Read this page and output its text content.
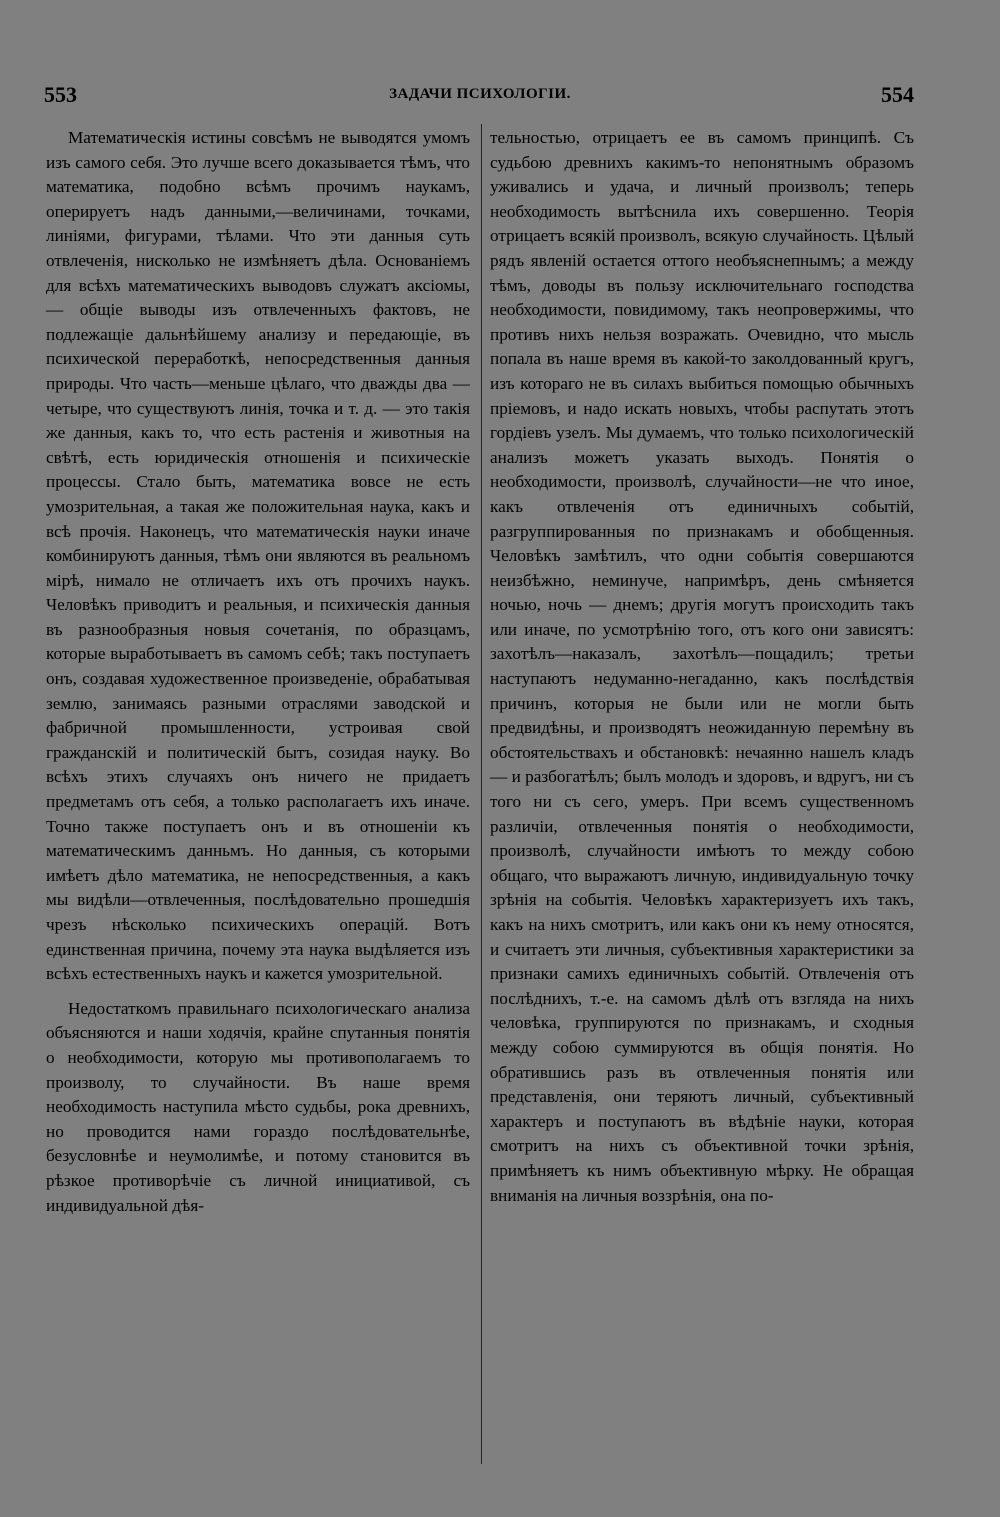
553	ЗАДАЧИ ПСИХОЛОГІИ.	554

Математическія истины совсѣмъ не выводятся умомъ изъ самого себя. Это лучше всего доказывается тѣмъ, что математика, подобно всѣмъ прочимъ наукамъ, оперируетъ надъ данными,—величинами, точками, линіями, фигурами, тѣлами. Что эти данныя суть отвлеченія, нисколько не измѣняетъ дѣла. Основаніемъ для всѣхъ математическихъ выводовъ служатъ аксіомы, — общіе выводы изъ отвлеченныхъ фактовъ, не подлежащіе дальнѣйшему анализу и передающіе, въ психической переработкѣ, непосредственныя данныя природы. Что часть—меньше цѣлаго, что дважды два — четыре, что существуютъ линія, точка и т. д. — это такія же данныя, какъ то, что есть растенія и животныя на свѣтѣ, есть юридическія отношенія и психическіе процессы. Стало быть, математика вовсе не есть умозрительная, а такая же положительная наука, какъ и всѣ прочія. Наконецъ, что математическія науки иначе комбинируютъ данныя, тѣмъ они являются въ реальномъ мірѣ, нимало не отличаетъ ихъ отъ прочихъ наукъ. Человѣкъ приводитъ и реальныя, и психическія данныя въ разнообразныя новыя сочетанія, по образцамъ, которые выработываетъ въ самомъ себѣ; такъ поступаетъ онъ, создавая художественное произведеніе, обрабатывая землю, занимаясь разными отраслями заводской и фабричной промышленности, устроивая свой гражданскій и политическій бытъ, созидая науку. Во всѣхъ этихъ случаяхъ онъ ничего не придаетъ предметамъ отъ себя, а только располагаетъ ихъ иначе. Точно также поступаетъ онъ и въ отношеніи къ математическимъ данньмъ. Но данныя, съ которыми имѣетъ дѣло математика, не непосредственныя, а какъ мы видѣли—отвлеченныя, послѣдовательно прошедшія чрезъ нѣсколько психическихъ операцій. Вотъ единственная причина, почему эта наука выдѣляется изъ всѣхъ естественныхъ наукъ и кажется умозрительной.

Недостаткомъ правильнаго психологическаго анализа объясняются и наши ходячія, крайне спутанныя понятія о необходимости, которую мы противополагаемъ то произволу, то случайности. Въ наше время необходимость наступила мѣсто судьбы, рока древнихъ, но проводится нами гораздо послѣдовательнѣе, безусловнѣе и неумолимѣе, и потому становится въ рѣзкое противорѣчіе съ личной инициативой, съ индивидуальной дѣя-

тельностью, отрицаетъ ее въ самомъ принципѣ. Съ судьбою древнихъ какимъ-то непонятнымъ образомъ уживались и удача, и личный произволъ; теперь необходимость вытѣснила ихъ совершенно. Теорія отрицаетъ всякій произволъ, всякую случайность. Цѣлый рядъ явленій остается оттого необъяснепнымъ; а между тѣмъ, доводы въ пользу исключительнаго господства необходимости, повидимому, такъ неопровержимы, что противъ нихъ нельзя возражать. Очевидно, что мысль попала въ наше время въ какой-то заколдованный кругъ, изъ котораго не въ силахъ выбиться помощью обычныхъ пріемовъ, и надо искать новыхъ, чтобы распутать этотъ гордіевъ узелъ. Мы думаемъ, что только психологическій анализъ можетъ указать выходъ. Понятія о необходимости, произволѣ, случайности—не что иное, какъ отвлеченія отъ единичныхъ событій, разгруппированныя по признакамъ и обобщенныя. Человѣкъ замѣтилъ, что одни событія совершаются неизбѣжно, неминуче, напримѣръ, день смѣняется ночью, ночь — днемъ; другія могутъ происходить такъ или иначе, по усмотрѣнію того, отъ кого они зависятъ: захотѣлъ—наказалъ, захотѣлъ—пощадилъ; третьи наступаютъ недуманно-негаданно, какъ послѣдствія причинъ, которыя не были или не могли быть предвидѣны, и производятъ неожиданную перемѣну въ обстоятельствахъ и обстановкѣ: нечаянно нашелъ кладъ — и разбогатѣлъ; былъ молодъ и здоровъ, и вдругъ, ни съ того ни съ сего, умеръ. При всемъ существенномъ различіи, отвлеченныя понятія о необходимости, произволѣ, случайности имѣютъ то между собою общаго, что выражаютъ личную, индивидуальную точку зрѣнія на событія. Человѣкъ характеризуетъ ихъ такъ, какъ на нихъ смотритъ, или какъ они къ нему относятся, и считаетъ эти личныя, субъективныя характеристики за признаки самихъ единичныхъ событій. Отвлеченія отъ послѣднихъ, т.-е. на самомъ дѣлѣ отъ взгляда на нихъ человѣка, группируются по признакамъ, и сходныя между собою суммируются въ общія понятія. Но обратившись разъ въ отвлеченныя понятія или представленія, они теряютъ личный, субъективный характеръ и поступаютъ въ вѣдѣніе науки, которая смотритъ на нихъ съ объективной точки зрѣнія, примѣняетъ къ нимъ объективную мѣрку. Не обращая вниманія на личныя воззрѣнія, она по-
